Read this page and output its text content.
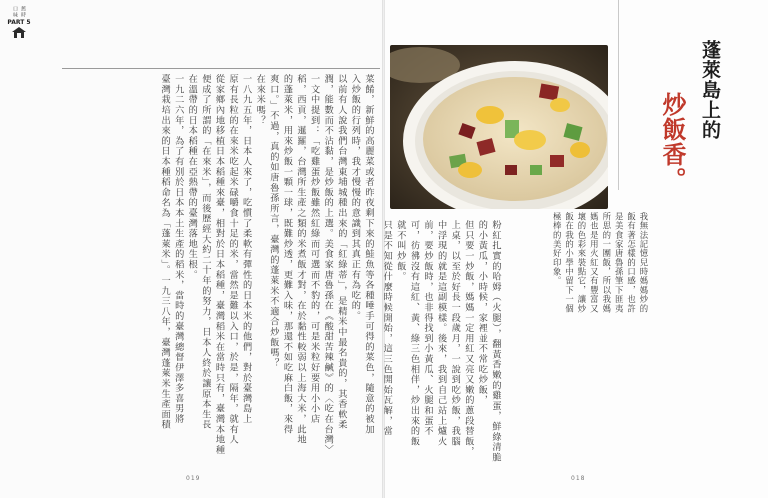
口味 舊時
PART 5
菜餚，新鮮的高麗菜或者昨夜剩下來的鮭魚等各種唾手可得的菜色，隨意的被加
入炒飯的行列時，我才慢慢的意識到其真正有為吃的。
以前有人說我們台灣東埔城種出來的「紅綠蒂」，是精米中最名貴的，其香軟柔
潤，能數而不沾黏，是炒飯的上選。美食家唐魯孫在《酸甜苦辣鹹》的〈吃在台灣〉
一文中提到：「吃雞蛋炒飯雖然紅綠而可選而不豹的，可是米粒好要用小小店
稻，西貢，暹羅，台灣所生產之類的米煮飯才對，在於黏性較弱以上海大米，此地
的蓬萊米，用來炒飯一顆一球，既難炒透，更難入味，那還不如吃麻白飯，來得
爽口。」不過，真的如唐魯孫所言，臺灣的蓬萊米不適合炒飯嗎？
在來米嗎？
一八九五年，日本人來了，吃慣了柔軟有彈性的日本米的他們，對於臺灣島上
原有長粒的在來米吃起米碌嚼食十足的米，當然是難以入口，於是，隔年，就有人
從家鄉內地移植日本稻種來臺，相對於日本稻種，臺灣稻米在當時只有，臺灣本地種
便成了所謂的「在來米」，而後歷經大約二十年的努力，日本人終於讓原本生長
在溫帶的日本稻種在亞熱帶的臺灣落地生根。
一九二六年，為了有別於日本本土生產的稻米，當時的臺灣總督伊澤多喜男將
臺灣栽培出來的日本種稻命名為「蓬萊米」。一九三八年，臺灣蓬萊米生產面積	粉紅扎實的哈姆（火腿），翻黃香嫩的雞蛋，鮮綠清脆的小黃瓜，小時候，家裡並不常吃炒飯，
但只要一炒飯，媽媽一定用紅又亮又嫩的蔥段替飯，
上桌，以至於好長一段歲月，一說到吃炒飯，我腦
中浮現的就是這副模樣。後來，我到自己站上爐火
前，要炒飯時，也非得找到小黃瓜、火腿和蛋不
可，彷彿沒有這紅、黃、綠三色相伴，炒出來的飯
就不叫炒飯。
只是不知從什麼時候開始，這三色開始瓦解，當	我無法記憶兒時媽媽炒的飯有著怎樣的口感，也許是美食家唐魯孫筆下匪夷所思的一團飯，所以我媽媽也是用火紅又有豐富又壞的色彩來裝點它，讓炒飯在我的小學中留下一個極棒的美好印象。
蓬萊島上的
炒飯香。
019	018
